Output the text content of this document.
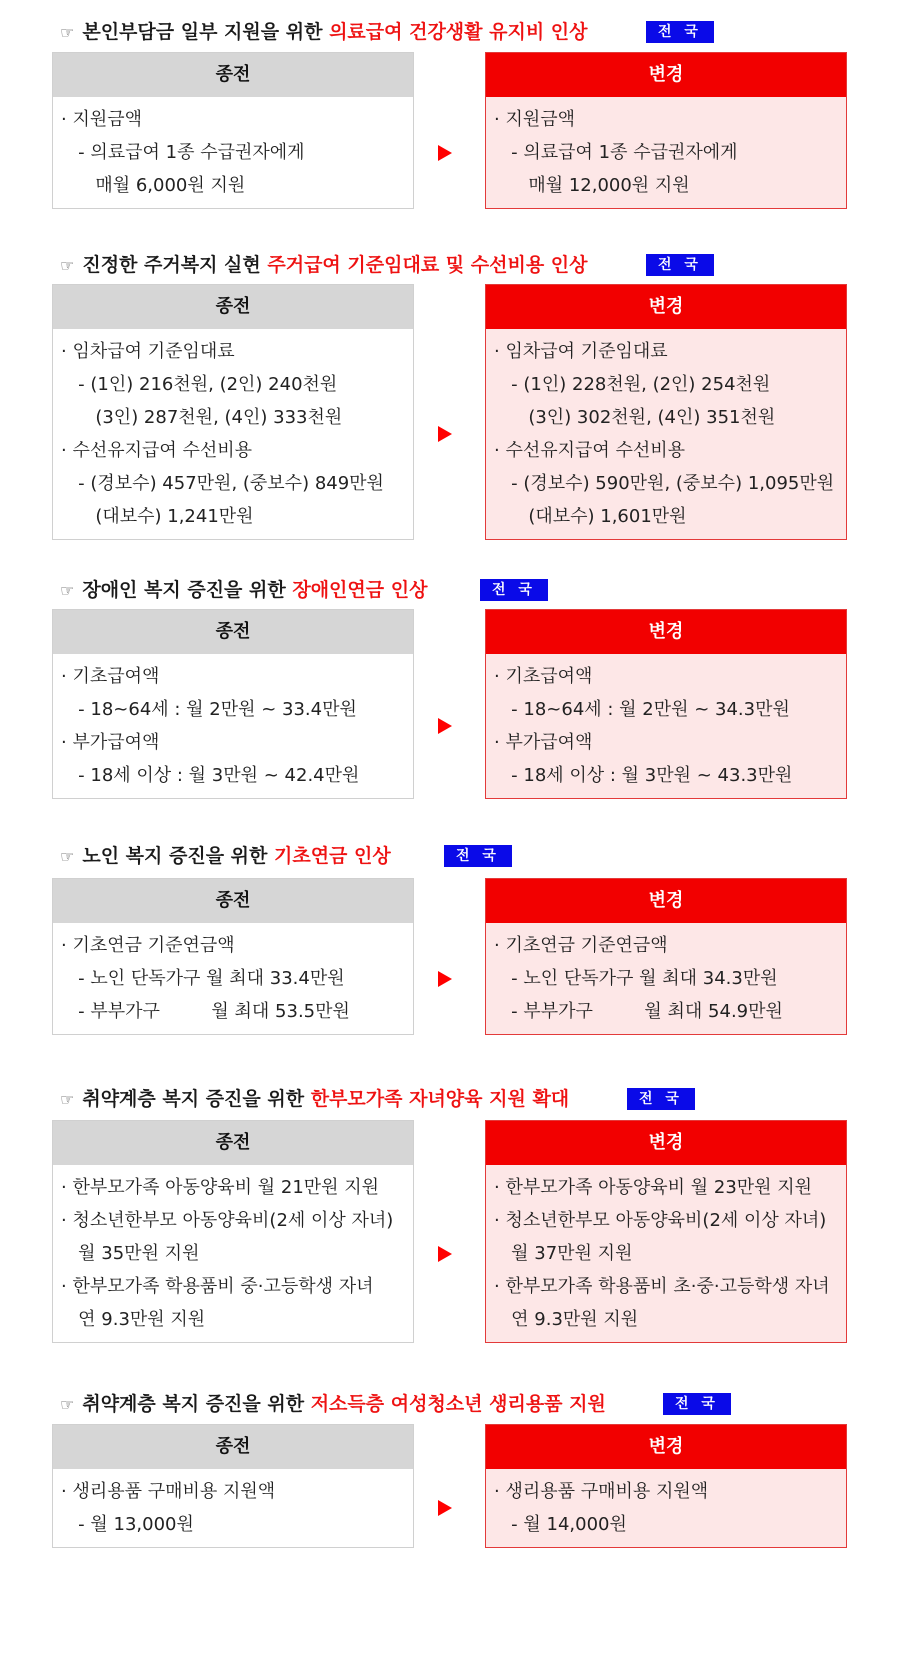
☞ 본인부담금 일부 지원을 위한 의료급여 건강생활 유지비 인상	전 국
종전
· 지원금액
- 의료급여 1종 수급권자에게
매월 6,000원 지원
변경
· 지원금액
- 의료급여 1종 수급권자에게
매월 12,000원 지원
☞ 진정한 주거복지 실현 주거급여 기준임대료 및 수선비용 인상	전 국
종전
· 임차급여 기준임대료
- (1인) 216천원, (2인) 240천원
(3인) 287천원, (4인) 333천원
· 수선유지급여 수선비용
- (경보수) 457만원, (중보수) 849만원
(대보수) 1,241만원
변경
· 임차급여 기준임대료
- (1인) 228천원, (2인) 254천원
(3인) 302천원, (4인) 351천원
· 수선유지급여 수선비용
- (경보수) 590만원, (중보수) 1,095만원
(대보수) 1,601만원
☞ 장애인 복지 증진을 위한 장애인연금 인상	전 국
종전
· 기초급여액
- 18~64세 : 월 2만원 ~ 33.4만원
· 부가급여액
- 18세 이상 : 월 3만원 ~ 42.4만원
변경
· 기초급여액
- 18~64세 : 월 2만원 ~ 34.3만원
· 부가급여액
- 18세 이상 : 월 3만원 ~ 43.3만원
☞ 노인 복지 증진을 위한 기초연금 인상	전 국
종전
· 기초연금 기준연금액
- 노인 단독가구 월 최대 33.4만원
- 부부가구         월 최대 53.5만원
변경
· 기초연금 기준연금액
- 노인 단독가구 월 최대 34.3만원
- 부부가구         월 최대 54.9만원
☞ 취약계층 복지 증진을 위한 한부모가족 자녀양육 지원 확대	전 국
종전
· 한부모가족 아동양육비 월 21만원 지원
· 청소년한부모 아동양육비(2세 이상 자녀)
월 35만원 지원
· 한부모가족 학용품비 중·고등학생 자녀
연 9.3만원 지원
변경
· 한부모가족 아동양육비 월 23만원 지원
· 청소년한부모 아동양육비(2세 이상 자녀)
월 37만원 지원
· 한부모가족 학용품비 초·중·고등학생 자녀
연 9.3만원 지원
☞ 취약계층 복지 증진을 위한 저소득층 여성청소년 생리용품 지원	전 국
종전
· 생리용품 구매비용 지원액
- 월 13,000원
변경
· 생리용품 구매비용 지원액
- 월 14,000원
